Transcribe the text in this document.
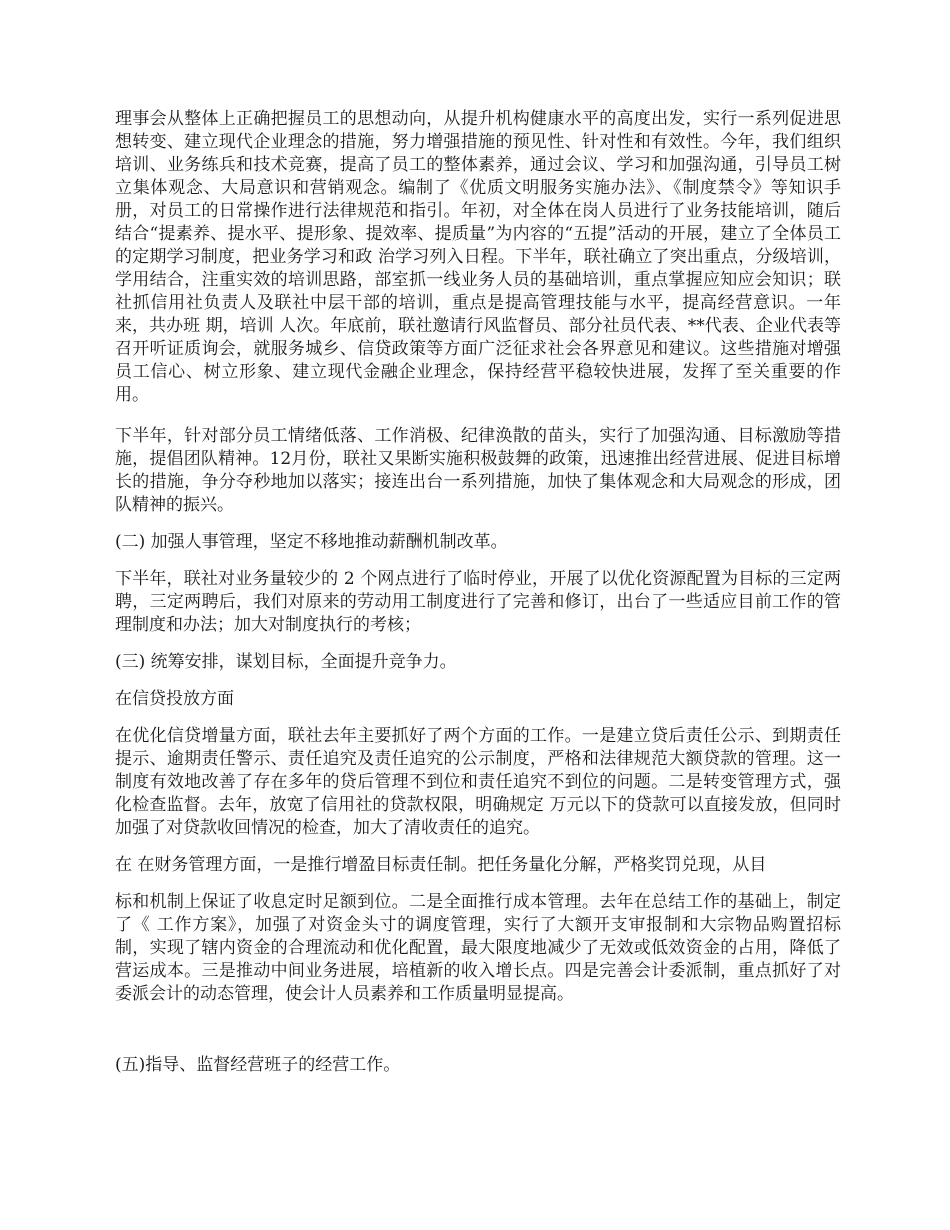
理事会从整体上正确把握员工的思想动向，从提升机构健康水平的高度出发，实行一系列促进思想转变、建立现代企业理念的措施，努力增强措施的预见性、针对性和有效性。今年，我们组织培训、业务练兵和技术竞赛，提高了员工的整体素养，通过会议、学习和加强沟通，引导员工树立集体观念、大局意识和营销观念。编制了《优质文明服务实施办法》、《制度禁令》等知识手册，对员工的日常操作进行法律规范和指引。年初，对全体在岗人员进行了业务技能培训，随后结合“提素养、提水平、提形象、提效率、提质量”为内容的“五提”活动的开展，建立了全体员工的定期学习制度，把业务学习和政 治学习列入日程。下半年，联社确立了突出重点，分级培训，学用结合，注重实效的培训思路，部室抓一线业务人员的基础培训，重点掌握应知应会知识；联社抓信用社负责人及联社中层干部的培训，重点是提高管理技能与水平，提高经营意识。一年来，共办班 期，培训 人次。年底前，联社邀请行风监督员、部分社员代表、**代表、企业代表等召开听证质询会，就服务城乡、信贷政策等方面广泛征求社会各界意见和建议。这些措施对增强员工信心、树立形象、建立现代金融企业理念，保持经营平稳较快进展，发挥了至关重要的作用。

下半年，针对部分员工情绪低落、工作消极、纪律涣散的苗头，实行了加强沟通、目标激励等措施，提倡团队精神。12月份，联社又果断实施积极鼓舞的政策，迅速推出经营进展、促进目标增长的措施，争分夺秒地加以落实；接连出台一系列措施，加快了集体观念和大局观念的形成，团队精神的振兴。

(二) 加强人事管理，坚定不移地推动薪酬机制改革。

下半年，联社对业务量较少的 2 个网点进行了临时停业，开展了以优化资源配置为目标的三定两聘，三定两聘后，我们对原来的劳动用工制度进行了完善和修订，出台了一些适应目前工作的管理制度和办法；加大对制度执行的考核；

(三) 统筹安排，谋划目标，全面提升竞争力。

在信贷投放方面

在优化信贷增量方面，联社去年主要抓好了两个方面的工作。一是建立贷后责任公示、到期责任提示、逾期责任警示、责任追究及责任追究的公示制度，严格和法律规范大额贷款的管理。这一制度有效地改善了存在多年的贷后管理不到位和责任追究不到位的问题。二是转变管理方式，强化检查监督。去年，放宽了信用社的贷款权限，明确规定 万元以下的贷款可以直接发放，但同时加强了对贷款收回情况的检查，加大了清收责任的追究。

在 在财务管理方面，一是推行增盈目标责任制。把任务量化分解，严格奖罚兑现，从目

标和机制上保证了收息定时足额到位。二是全面推行成本管理。去年在总结工作的基础上，制定了《 工作方案》，加强了对资金头寸的调度管理，实行了大额开支审报制和大宗物品购置招标制，实现了辖内资金的合理流动和优化配置，最大限度地减少了无效或低效资金的占用，降低了营运成本。三是推动中间业务进展，培植新的收入增长点。四是完善会计委派制，重点抓好了对委派会计的动态管理，使会计人员素养和工作质量明显提高。

(五)指导、监督经营班子的经营工作。
